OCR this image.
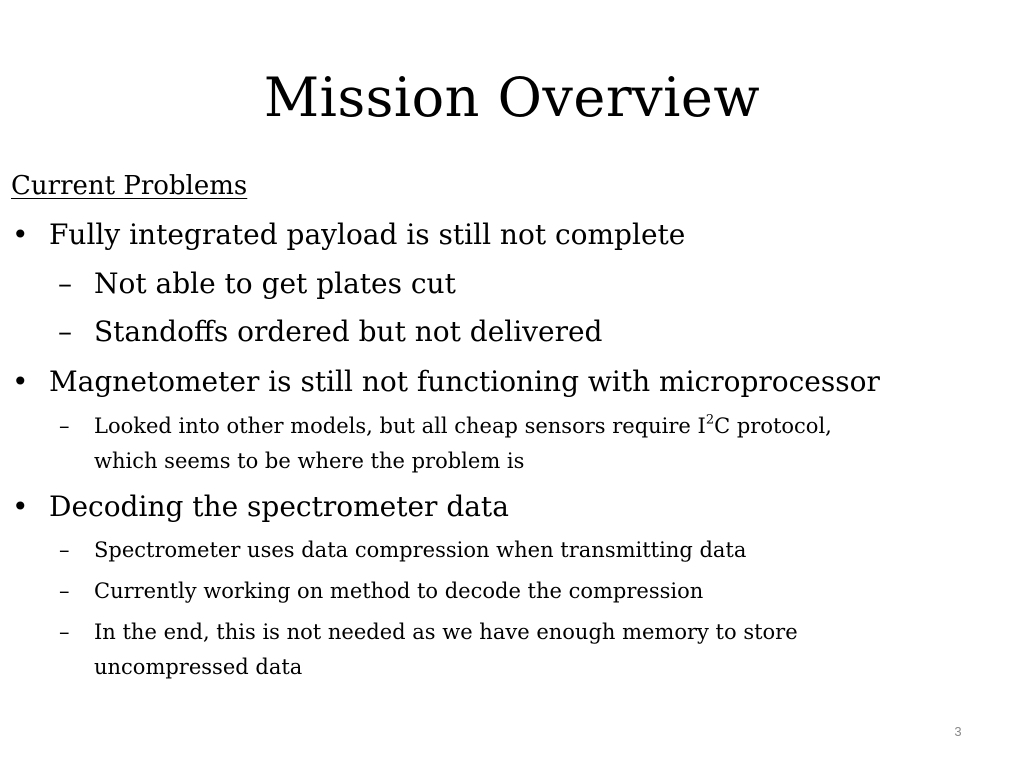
Mission Overview
Current Problems
• Fully integrated payload is still not complete
– Not able to get plates cut
– Standoffs ordered but not delivered
• Magnetometer is still not functioning with microprocessor
– Looked into other models, but all cheap sensors require $I^2C$ protocol,
which seems to be where the problem is
• Decoding the spectrometer data
– Spectrometer uses data compression when transmitting data
– Currently working on method to decode the compression
– In the end, this is not needed as we have enough memory to store
uncompressed data
3
